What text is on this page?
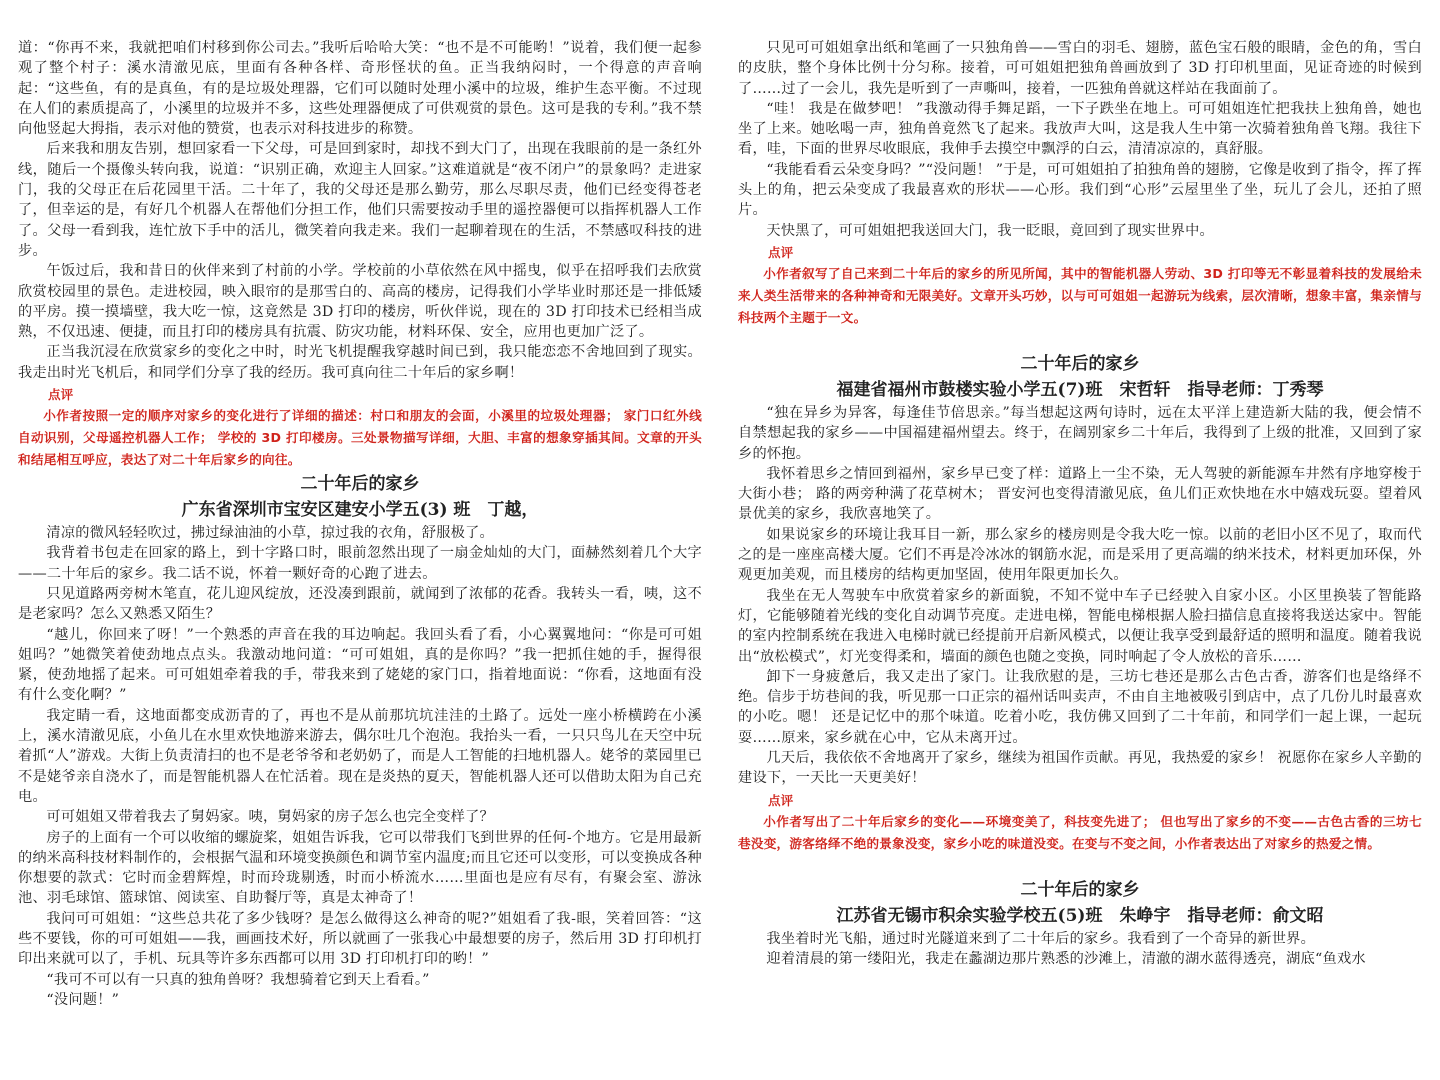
道：“你再不来，我就把咱们村移到你公司去。”我听后哈哈大笑：“也不是不可能哟！”说着，我们便一起参观了整个村子：溪水清澈见底，里面有各种各样、奇形怪状的鱼。正当我纳闷时，一个得意的声音响起：“这些鱼，有的是真鱼，有的是垃圾处理器，它们可以随时处理小溪中的垃圾，维护生态平衡。不过现在人们的素质提高了，小溪里的垃圾并不多，这些处理器便成了可供观赏的景色。这可是我的专利。”我不禁向他竖起大拇指，表示对他的赞赏，也表示对科技进步的称赞。

后来我和朋友告别，想回家看一下父母，可是回到家时，却找不到大门了，出现在我眼前的是一条红外线，随后一个摄像头转向我，说道：“识别正确，欢迎主人回家。”这难道就是“夜不闭户”的景象吗？走进家门，我的父母正在后花园里干活。二十年了，我的父母还是那么勤劳，那么尽职尽责，他们已经变得苍老了，但幸运的是，有好几个机器人在帮他们分担工作，他们只需要按动手里的遥控器便可以指挥机器人工作了。父母一看到我，连忙放下手中的活儿，微笑着向我走来。我们一起聊着现在的生活，不禁感叹科技的进步。

午饭过后，我和昔日的伙伴来到了村前的小学。学校前的小草依然在风中摇曳，似乎在招呼我们去欣赏欣赏校园里的景色。走进校园，映入眼帘的是那雪白的、高高的楼房，记得我们小学毕业时那还是一排低矮的平房。摸一摸墙壁，我大吃一惊，这竟然是 3D 打印的楼房，听伙伴说，现在的 3D 打印技术已经相当成熟，不仅迅速、便捷，而且打印的楼房具有抗震、防灾功能，材料环保、安全，应用也更加广泛了。

正当我沉浸在欣赏家乡的变化之中时，时光飞机提醒我穿越时间已到，我只能恋恋不舍地回到了现实。我走出时光飞机后，和同学们分享了我的经历。我可真向往二十年后的家乡啊！

点评

小作者按照一定的顺序对家乡的变化进行了详细的描述：村口和朋友的会面，小溪里的垃圾处理器； 家门口红外线自动识别，父母遥控机器人工作； 学校的 3D 打印楼房。三处景物描写详细，大胆、丰富的想象穿插其间。文章的开头和结尾相互呼应，表达了对二十年后家乡的向往。

二十年后的家乡
广东省深圳市宝安区建安小学五(3) 班　丁越，

清凉的微风轻轻吹过，拂过绿油油的小草，掠过我的衣角，舒服极了。

我背着书包走在回家的路上，到十字路口时，眼前忽然出现了一扇金灿灿的大门，面赫然刻着几个大字——二十年后的家乡。我二话不说，怀着一颗好奇的心跑了进去。

只见道路两旁树木笔直，花儿迎风绽放，还没凑到跟前，就闻到了浓郁的花香。我转头一看，咦，这不是老家吗？怎么又熟悉又陌生？

“越儿，你回来了呀！”一个熟悉的声音在我的耳边响起。我回头看了看，小心翼翼地问：“你是可可姐姐吗？”她微笑着使劲地点点头。我激动地问道：“可可姐姐，真的是你吗？”我一把抓住她的手，握得很紧，使劲地摇了起来。可可姐姐牵着我的手，带我来到了姥姥的家门口，指着地面说：“你看，这地面有没有什么变化啊？”

我定睛一看，这地面都变成沥青的了，再也不是从前那坑坑洼洼的土路了。远处一座小桥横跨在小溪上，溪水清澈见底，小鱼儿在水里欢快地游来游去，偶尔吐几个泡泡。我抬头一看，一只只鸟儿在天空中玩着抓“人”游戏。大街上负责清扫的也不是老爷爷和老奶奶了，而是人工智能的扫地机器人。姥爷的菜园里已不是姥爷亲自浇水了，而是智能机器人在忙活着。现在是炎热的夏天，智能机器人还可以借助太阳为自己充电。

可可姐姐又带着我去了舅妈家。咦，舅妈家的房子怎么也完全变样了？

房子的上面有一个可以收缩的螺旋桨，姐姐告诉我，它可以带我们飞到世界的任何-个地方。它是用最新的纳米高科技材料制作的，会根据气温和环境变换颜色和调节室内温度;而且它还可以变形，可以变换成各种你想要的款式：它时而金碧辉煌，时而玲珑剔透，时而小桥流水……里面也是应有尽有，有聚会室、游泳池、羽毛球馆、篮球馆、阅读室、自助餐厅等，真是太神奇了！

我问可可姐姐：“这些总共花了多少钱呀？是怎么做得这么神奇的呢?”姐姐看了我-眼，笑着回答：“这些不要钱，你的可可姐姐——我，画画技术好，所以就画了一张我心中最想要的房子，然后用 3D 打印机打印出来就可以了，手机、玩具等许多东西都可以用 3D 打印机打印的哟！”

“我可不可以有一只真的独角兽呀？我想骑着它到天上看看。”

“没问题！”

只见可可姐姐拿出纸和笔画了一只独角兽——雪白的羽毛、翅膀，蓝色宝石般的眼睛，金色的角，雪白的皮肤，整个身体比例十分匀称。接着，可可姐姐把独角兽画放到了 3D 打印机里面，见证奇迹的时候到了……过了一会儿，我先是听到了一声嘶叫，接着，一匹独角兽就这样站在我面前了。

“哇！ 我是在做梦吧！ ”我激动得手舞足蹈，一下子跌坐在地上。可可姐姐连忙把我扶上独角兽，她也坐了上来。她吆喝一声，独角兽竟然飞了起来。我放声大叫，这是我人生中第一次骑着独角兽飞翔。我往下看，哇，下面的世界尽收眼底，我伸手去摸空中飘浮的白云，清清凉凉的，真舒服。

“我能看看云朵变身吗？”“没问题！ ”于是，可可姐姐拍了拍独角兽的翅膀，它像是收到了指令，挥了挥头上的角，把云朵变成了我最喜欢的形状——心形。我们到“心形”云屋里坐了坐，玩儿了会儿，还拍了照片。

天快黑了，可可姐姐把我送回大门，我一眨眼，竟回到了现实世界中。

点评

小作者叙写了自己来到二十年后的家乡的所见所闻，其中的智能机器人劳动、3D 打印等无不彰显着科技的发展给未来人类生活带来的各种神奇和无限美好。文章开头巧妙，以与可可姐姐一起游玩为线索，层次清晰，想象丰富，集亲情与科技两个主题于一文。

二十年后的家乡
福建省福州市鼓楼实验小学五(7)班　宋哲轩　指导老师：丁秀琴

“独在异乡为异客，每逢佳节倍思亲。”每当想起这两句诗时，远在太平洋上建造新大陆的我，便会情不自禁想起我的家乡——中国福建福州望去。终于，在阔别家乡二十年后，我得到了上级的批准，又回到了家乡的怀抱。

我怀着思乡之情回到福州，家乡早已变了样：道路上一尘不染，无人驾驶的新能源车井然有序地穿梭于大街小巷； 路的两旁种满了花草树木； 晋安河也变得清澈见底，鱼儿们正欢快地在水中嬉戏玩耍。望着风景优美的家乡，我欣喜地笑了。

如果说家乡的环境让我耳目一新，那么家乡的楼房则是令我大吃一惊。以前的老旧小区不见了，取而代之的是一座座高楼大厦。它们不再是冷冰冰的钢筋水泥，而是采用了更高端的纳米技术，材料更加环保，外观更加美观，而且楼房的结构更加坚固，使用年限更加长久。

我坐在无人驾驶车中欣赏着家乡的新面貌，不知不觉中车子已经驶入自家小区。小区里换装了智能路灯，它能够随着光线的变化自动调节亮度。走进电梯，智能电梯根据人脸扫描信息直接将我送达家中。智能的室内控制系统在我进入电梯时就已经提前开启新风模式，以便让我享受到最舒适的照明和温度。随着我说出“放松模式”，灯光变得柔和，墙面的颜色也随之变换，同时响起了令人放松的音乐……

卸下一身疲惫后，我又走出了家门。让我欣慰的是，三坊七巷还是那么古色古香，游客们也是络绎不绝。信步于坊巷间的我，听见那一口正宗的福州话叫卖声，不由自主地被吸引到店中，点了几份儿时最喜欢的小吃。嗯！ 还是记忆中的那个味道。吃着小吃，我仿佛又回到了二十年前，和同学们一起上课，一起玩耍……原来，家乡就在心中，它从未离开过。

几天后，我依依不舍地离开了家乡，继续为祖国作贡献。再见，我热爱的家乡！ 祝愿你在家乡人辛勤的建设下，一天比一天更美好！

点评

小作者写出了二十年后家乡的变化——环境变美了，科技变先进了； 但也写出了家乡的不变——古色古香的三坊七巷没变，游客络绎不绝的景象没变，家乡小吃的味道没变。在变与不变之间，小作者表达出了对家乡的热爱之情。

二十年后的家乡
江苏省无锡市积余实验学校五(5)班　朱峥宇　指导老师：俞文昭

我坐着时光飞船，通过时光隧道来到了二十年后的家乡。我看到了一个奇异的新世界。

迎着清晨的第一缕阳光，我走在蠡湖边那片熟悉的沙滩上，清澈的湖水蓝得透亮，湖底“鱼戏水
